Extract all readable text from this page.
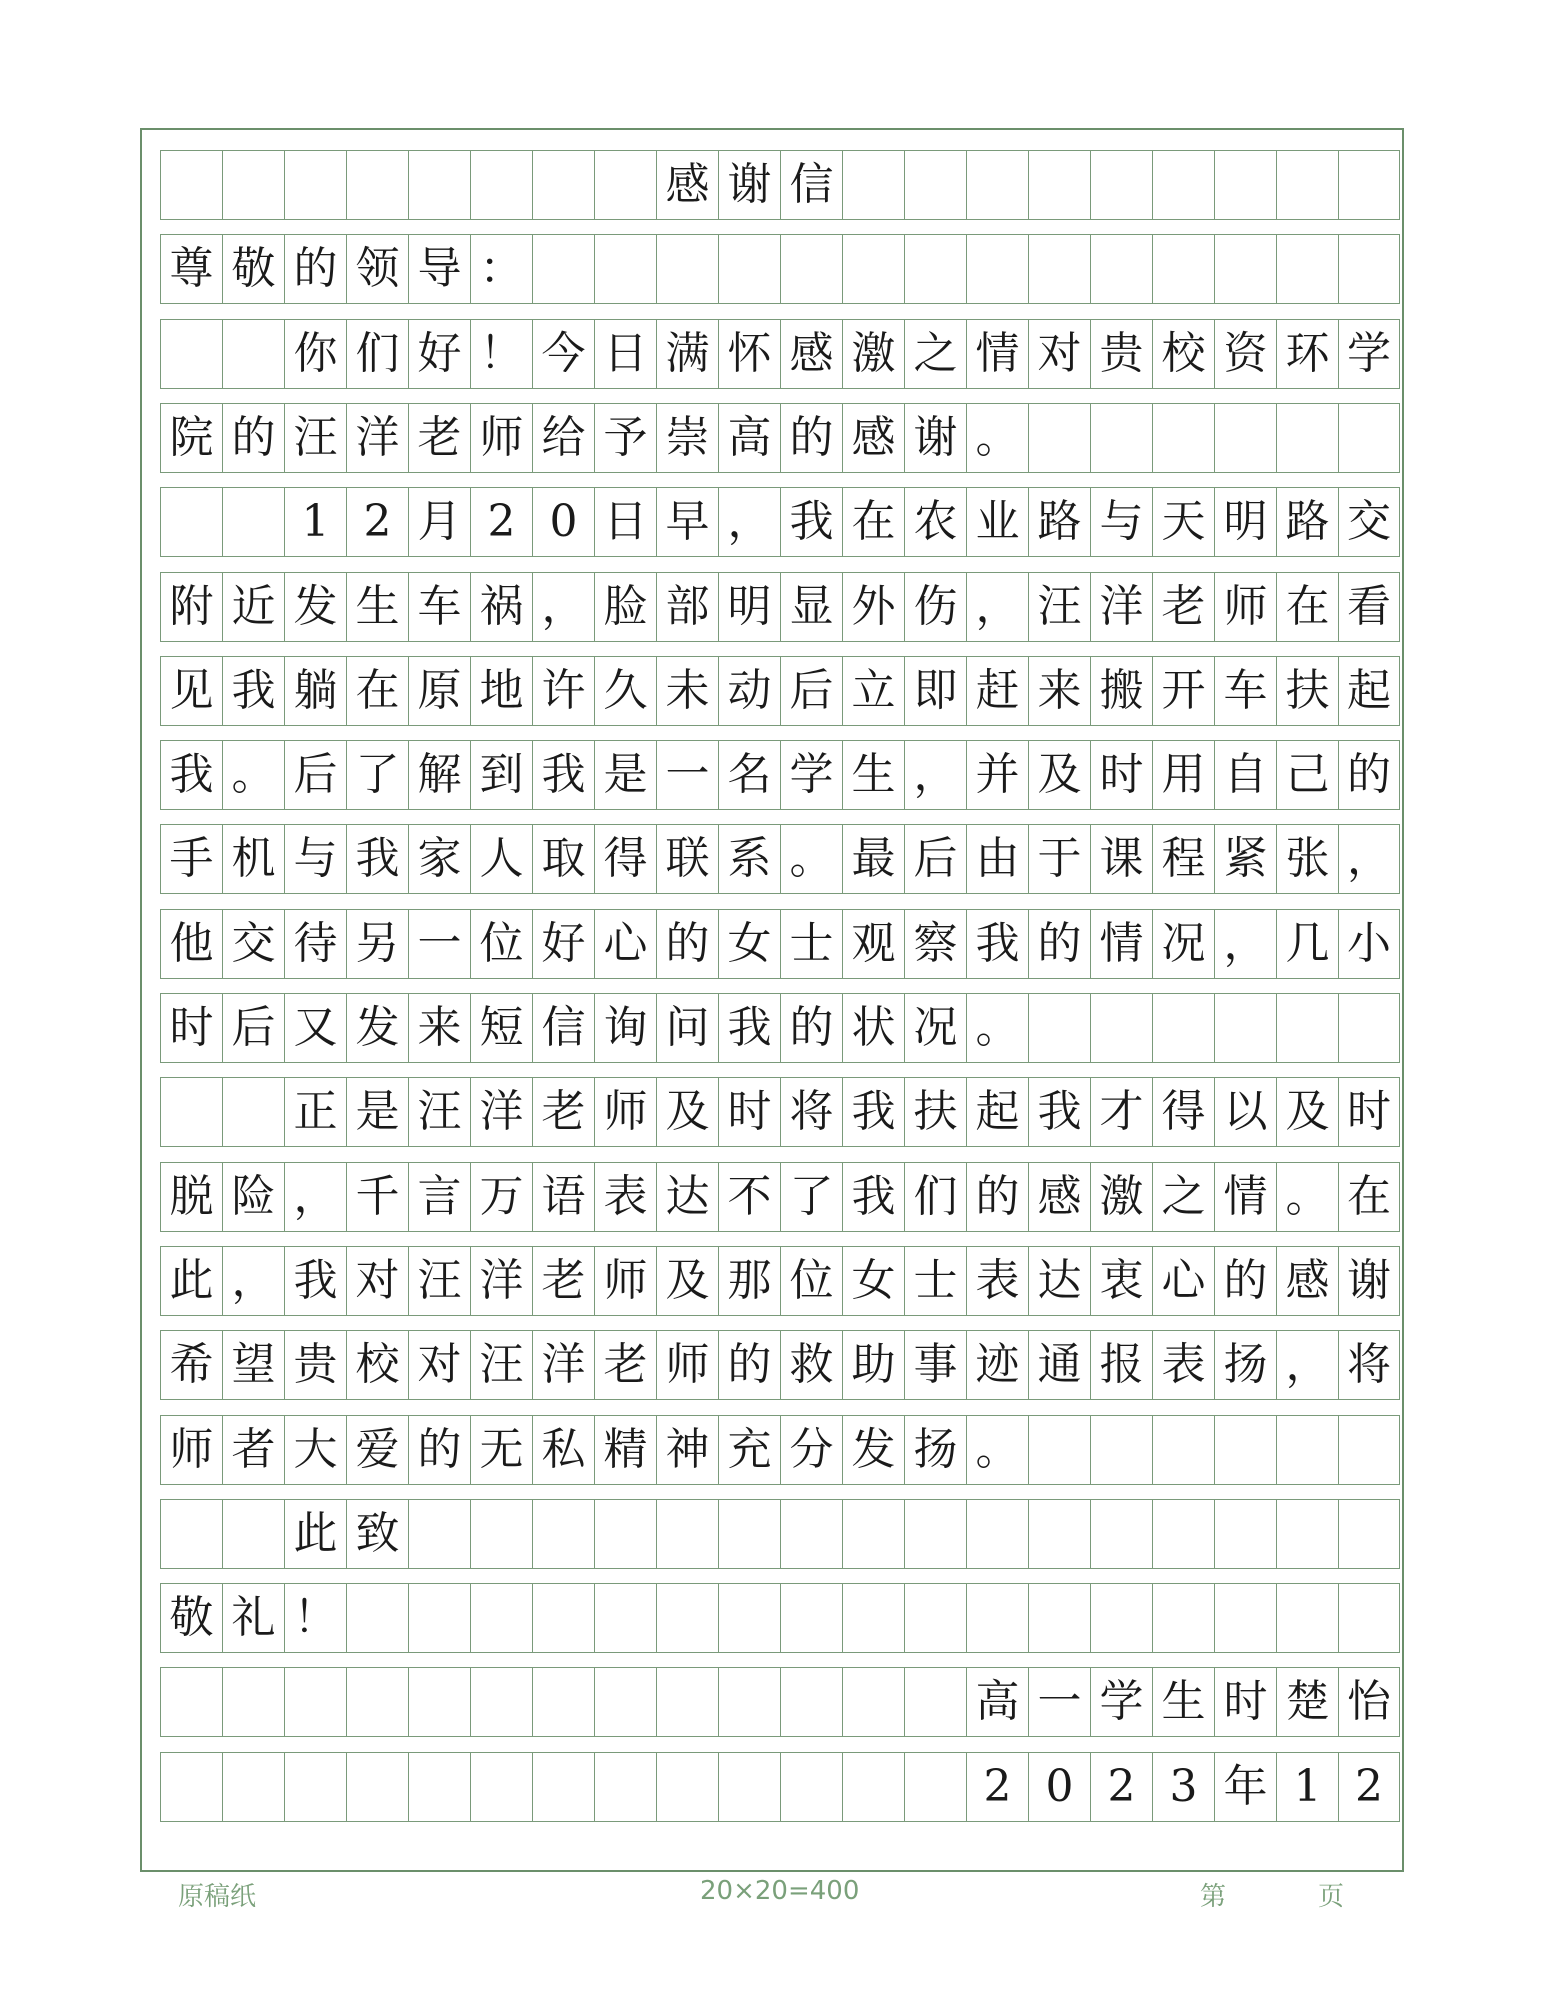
感 谢 信
尊 敬 的 领 导 ：
你 们 好 ！ 今 日 满 怀 感 激 之 情 对 贵 校 资 环 学
院 的 汪 洋 老 师 给 予 崇 高 的 感 谢 。
1 2 月 2 0 日 早 ， 我 在 农 业 路 与 天 明 路 交
附 近 发 生 车 祸 ， 脸 部 明 显 外 伤 ， 汪 洋 老 师 在 看
见 我 躺 在 原 地 许 久 未 动 后 立 即 赶 来 搬 开 车 扶 起
我 。 后 了 解 到 我 是 一 名 学 生 ， 并 及 时 用 自 己 的
手 机 与 我 家 人 取 得 联 系 。 最 后 由 于 课 程 紧 张 ，
他 交 待 另 一 位 好 心 的 女 士 观 察 我 的 情 况 ， 几 小
时 后 又 发 来 短 信 询 问 我 的 状 况 。
正 是 汪 洋 老 师 及 时 将 我 扶 起 我 才 得 以 及 时
脱 险 ， 千 言 万 语 表 达 不 了 我 们 的 感 激 之 情 。 在
此 ， 我 对 汪 洋 老 师 及 那 位 女 士 表 达 衷 心 的 感 谢
希 望 贵 校 对 汪 洋 老 师 的 救 助 事 迹 通 报 表 扬 ， 将
师 者 大 爱 的 无 私 精 神 充 分 发 扬 。
此 致
敬 礼 ！
高 一 学 生 时 楚 怡
2 0 2 3 年 1 2
原稿纸	20×20=400	第	页
